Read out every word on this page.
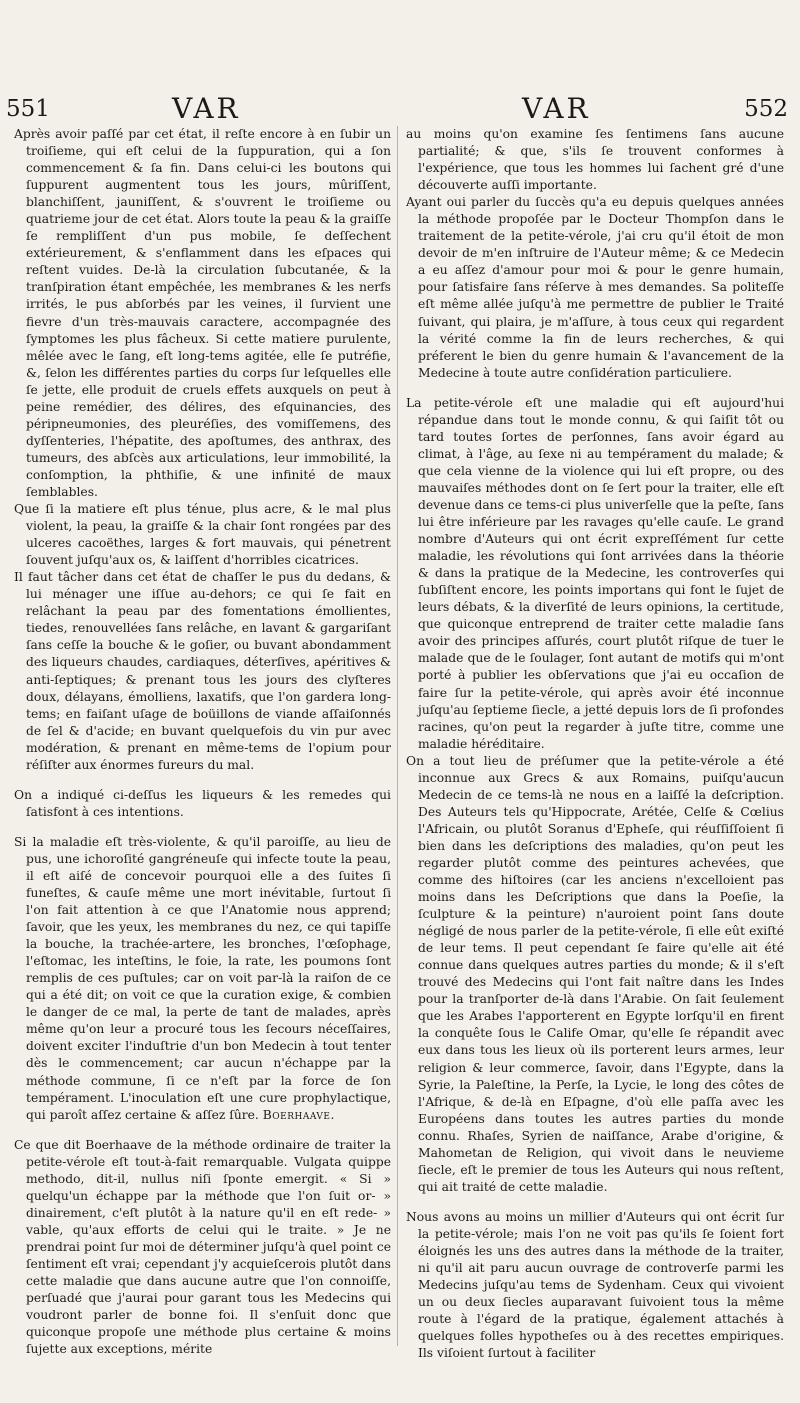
551	VAR	VAR	552

Après avoir paſſé par cet état, il reſte encore à en ſubir un troiſieme, qui eſt celui de la ſuppuration, qui a ſon commencement & ſa fin. Dans celui-ci les boutons qui ſuppurent augmentent tous les jours, mûriſſent, blanchiſſent, jauniſſent, & s'ouvrent le troiſieme ou quatrieme jour de cet état. Alors toute la peau & la graiſſe ſe rempliſſent d'un pus mobile, ſe deſſechent extérieurement, & s'enflamment dans les eſpaces qui reſtent vuides. De-là la circulation ſubcutanée, & la tranſpiration étant empêchée, les membranes & les nerfs irrités, le pus abſorbés par les veines, il ſurvient une fievre d'un très-mauvais caractere, accompagnée des ſymptomes les plus fâcheux. Si cette matiere purulente, mêlée avec le ſang, eſt long-tems agitée, elle ſe putréfie, &, ſelon les différentes parties du corps ſur leſquelles elle ſe jette, elle produit de cruels effets auxquels on peut à peine remédier, des délires, des eſquinancies, des péripneumonies, des pleuréſies, des vomiſſemens, des dyſſenteries, l'hépatite, des apoſtumes, des anthrax, des tumeurs, des abſcès aux articulations, leur immobilité, la conſomption, la phthiſie, & une infinité de maux ſemblables.

Que ſi la matiere eſt plus ténue, plus acre, & le mal plus violent, la peau, la graiſſe & la chair ſont rongées par des ulceres cacoëthes, larges & fort mauvais, qui pénetrent ſouvent juſqu'aux os, & laiſſent d'horribles cicatrices.

Il faut tâcher dans cet état de chaſſer le pus du dedans, & lui ménager une iſſue au-dehors; ce qui ſe fait en relâchant la peau par des fomentations émollientes, tiedes, renouvellées ſans relâche, en lavant & gargariſant ſans ceſſe la bouche & le goſier, ou buvant abondamment des liqueurs chaudes, cardiaques, déterſives, apéritives & anti-ſeptiques; & prenant tous les jours des clyſteres doux, délayans, émolliens, laxatifs, que l'on gardera long-tems; en faiſant uſage de boüillons de viande aſſaiſonnés de ſel & d'acide; en buvant quelquefois du vin pur avec modération, & prenant en même-tems de l'opium pour réſiſter aux énormes fureurs du mal.

On a indiqué ci-deſſus les liqueurs & les remedes qui ſatisfont à ces intentions.

Si la maladie eſt très-violente, & qu'il paroiſſe, au lieu de pus, une ichoroſité gangréneuſe qui infecte toute la peau, il eſt aiſé de concevoir pourquoi elle a des ſuites ſi funeſtes, & cauſe même une mort inévitable, ſurtout ſi l'on fait attention à ce que l'Anatomie nous apprend; ſavoir, que les yeux, les membranes du nez, ce qui tapiſſe la bouche, la trachée-artere, les bronches, l'œſophage, l'eſtomac, les inteſtins, le foie, la rate, les poumons ſont remplis de ces puſtules; car on voit par-là la raiſon de ce qui a été dit; on voit ce que la curation exige, & combien le danger de ce mal, la perte de tant de malades, après même qu'on leur a procuré tous les ſecours néceſſaires, doivent exciter l'induſtrie d'un bon Medecin à tout tenter dès le commencement; car aucun n'échappe par la méthode commune, ſi ce n'eſt par la force de ſon tempérament. L'inoculation eſt une cure prophylactique, qui paroît aſſez certaine & aſſez ſûre. Boerhaave.

Ce que dit Boerhaave de la méthode ordinaire de traiter la petite-vérole eſt tout-à-fait remarquable. Vulgata quippe methodo, dit-il, nullus niſi ſponte emergit. « Si » quelqu'un échappe par la méthode que l'on ſuit or- » dinairement, c'eſt plutôt à la nature qu'il en eſt rede- » vable, qu'aux efforts de celui qui le traite. » Je ne prendrai point ſur moi de déterminer juſqu'à quel point ce ſentiment eſt vrai; cependant j'y acquieſcerois plutôt dans cette maladie que dans aucune autre que l'on connoiſſe, perſuadé que j'aurai pour garant tous les Medecins qui voudront parler de bonne foi. Il s'enſuit donc que quiconque propoſe une méthode plus certaine & moins ſujette aux exceptions, mérite

au moins qu'on examine ſes ſentimens ſans aucune partialité; & que, s'ils ſe trouvent conformes à l'expérience, que tous les hommes lui ſachent gré d'une découverte auſſi importante.

Ayant oui parler du ſuccès qu'a eu depuis quelques années la méthode propoſée par le Docteur Thompſon dans le traitement de la petite-vérole, j'ai cru qu'il étoit de mon devoir de m'en inſtruire de l'Auteur même; & ce Medecin a eu aſſez d'amour pour moi & pour le genre humain, pour ſatisfaire ſans réſerve à mes demandes. Sa politeſſe eſt même allée juſqu'à me permettre de publier le Traité ſuivant, qui plaira, je m'aſſure, à tous ceux qui regardent la vérité comme la fin de leurs recherches, & qui préferent le bien du genre humain & l'avancement de la Medecine à toute autre conſidération particuliere.

La petite-vérole eſt une maladie qui eſt aujourd'hui répandue dans tout le monde connu, & qui ſaiſit tôt ou tard toutes ſortes de perſonnes, ſans avoir égard au climat, à l'âge, au ſexe ni au tempérament du malade; & que cela vienne de la violence qui lui eſt propre, ou des mauvaiſes méthodes dont on ſe ſert pour la traiter, elle eſt devenue dans ce tems-ci plus univerſelle que la peſte, ſans lui être inférieure par les ravages qu'elle cauſe. Le grand nombre d'Auteurs qui ont écrit expreſſément ſur cette maladie, les révolutions qui ſont arrivées dans la théorie & dans la pratique de la Medecine, les controverſes qui ſubſiſtent encore, les points importans qui font le ſujet de leurs débats, & la diverſité de leurs opinions, la certitude, que quiconque entreprend de traiter cette maladie ſans avoir des principes aſſurés, court plutôt riſque de tuer le malade que de le ſoulager, ſont autant de motifs qui m'ont porté à publier les obſervations que j'ai eu occaſion de faire ſur la petite-vérole, qui après avoir été inconnue juſqu'au ſeptieme ſiecle, a jetté depuis lors de ſi profondes racines, qu'on peut la regarder à juſte titre, comme une maladie héréditaire.

On a tout lieu de préſumer que la petite-vérole a été inconnue aux Grecs & aux Romains, puiſqu'aucun Medecin de ce tems-là ne nous en a laiſſé la deſcription. Des Auteurs tels qu'Hippocrate, Arétée, Celſe & Cœlius l'Africain, ou plutôt Soranus d'Epheſe, qui réuſſiſſoient ſi bien dans les deſcriptions des maladies, qu'on peut les regarder plutôt comme des peintures achevées, que comme des hiſtoires (car les anciens n'excelloient pas moins dans les Deſcriptions que dans la Poeſie, la ſculpture & la peinture) n'auroient point ſans doute négligé de nous parler de la petite-vérole, ſi elle eût exiſté de leur tems. Il peut cependant ſe faire qu'elle ait été connue dans quelques autres parties du monde; & il s'eſt trouvé des Medecins qui l'ont fait naître dans les Indes pour la tranſporter de-là dans l'Arabie. On ſait ſeulement que les Arabes l'apporterent en Egypte lorſqu'il en firent la conquête ſous le Calife Omar, qu'elle ſe répandit avec eux dans tous les lieux où ils porterent leurs armes, leur religion & leur commerce, ſavoir, dans l'Egypte, dans la Syrie, la Paleſtine, la Perſe, la Lycie, le long des côtes de l'Afrique, & de-là en Eſpagne, d'où elle paſſa avec les Européens dans toutes les autres parties du monde connu. Rhaſes, Syrien de naiſſance, Arabe d'origine, & Mahometan de Religion, qui vivoit dans le neuvieme ſiecle, eſt le premier de tous les Auteurs qui nous reſtent, qui ait traité de cette maladie.

Nous avons au moins un millier d'Auteurs qui ont écrit ſur la petite-vérole; mais l'on ne voit pas qu'ils ſe ſoient fort éloignés les uns des autres dans la méthode de la traiter, ni qu'il ait paru aucun ouvrage de controverſe parmi les Medecins juſqu'au tems de Sydenham. Ceux qui vivoient un ou deux ſiecles auparavant ſuivoient tous la même route à l'égard de la pratique, également attachés à quelques folles hypotheſes ou à des recettes empiriques. Ils viſoient ſurtout à faciliter
